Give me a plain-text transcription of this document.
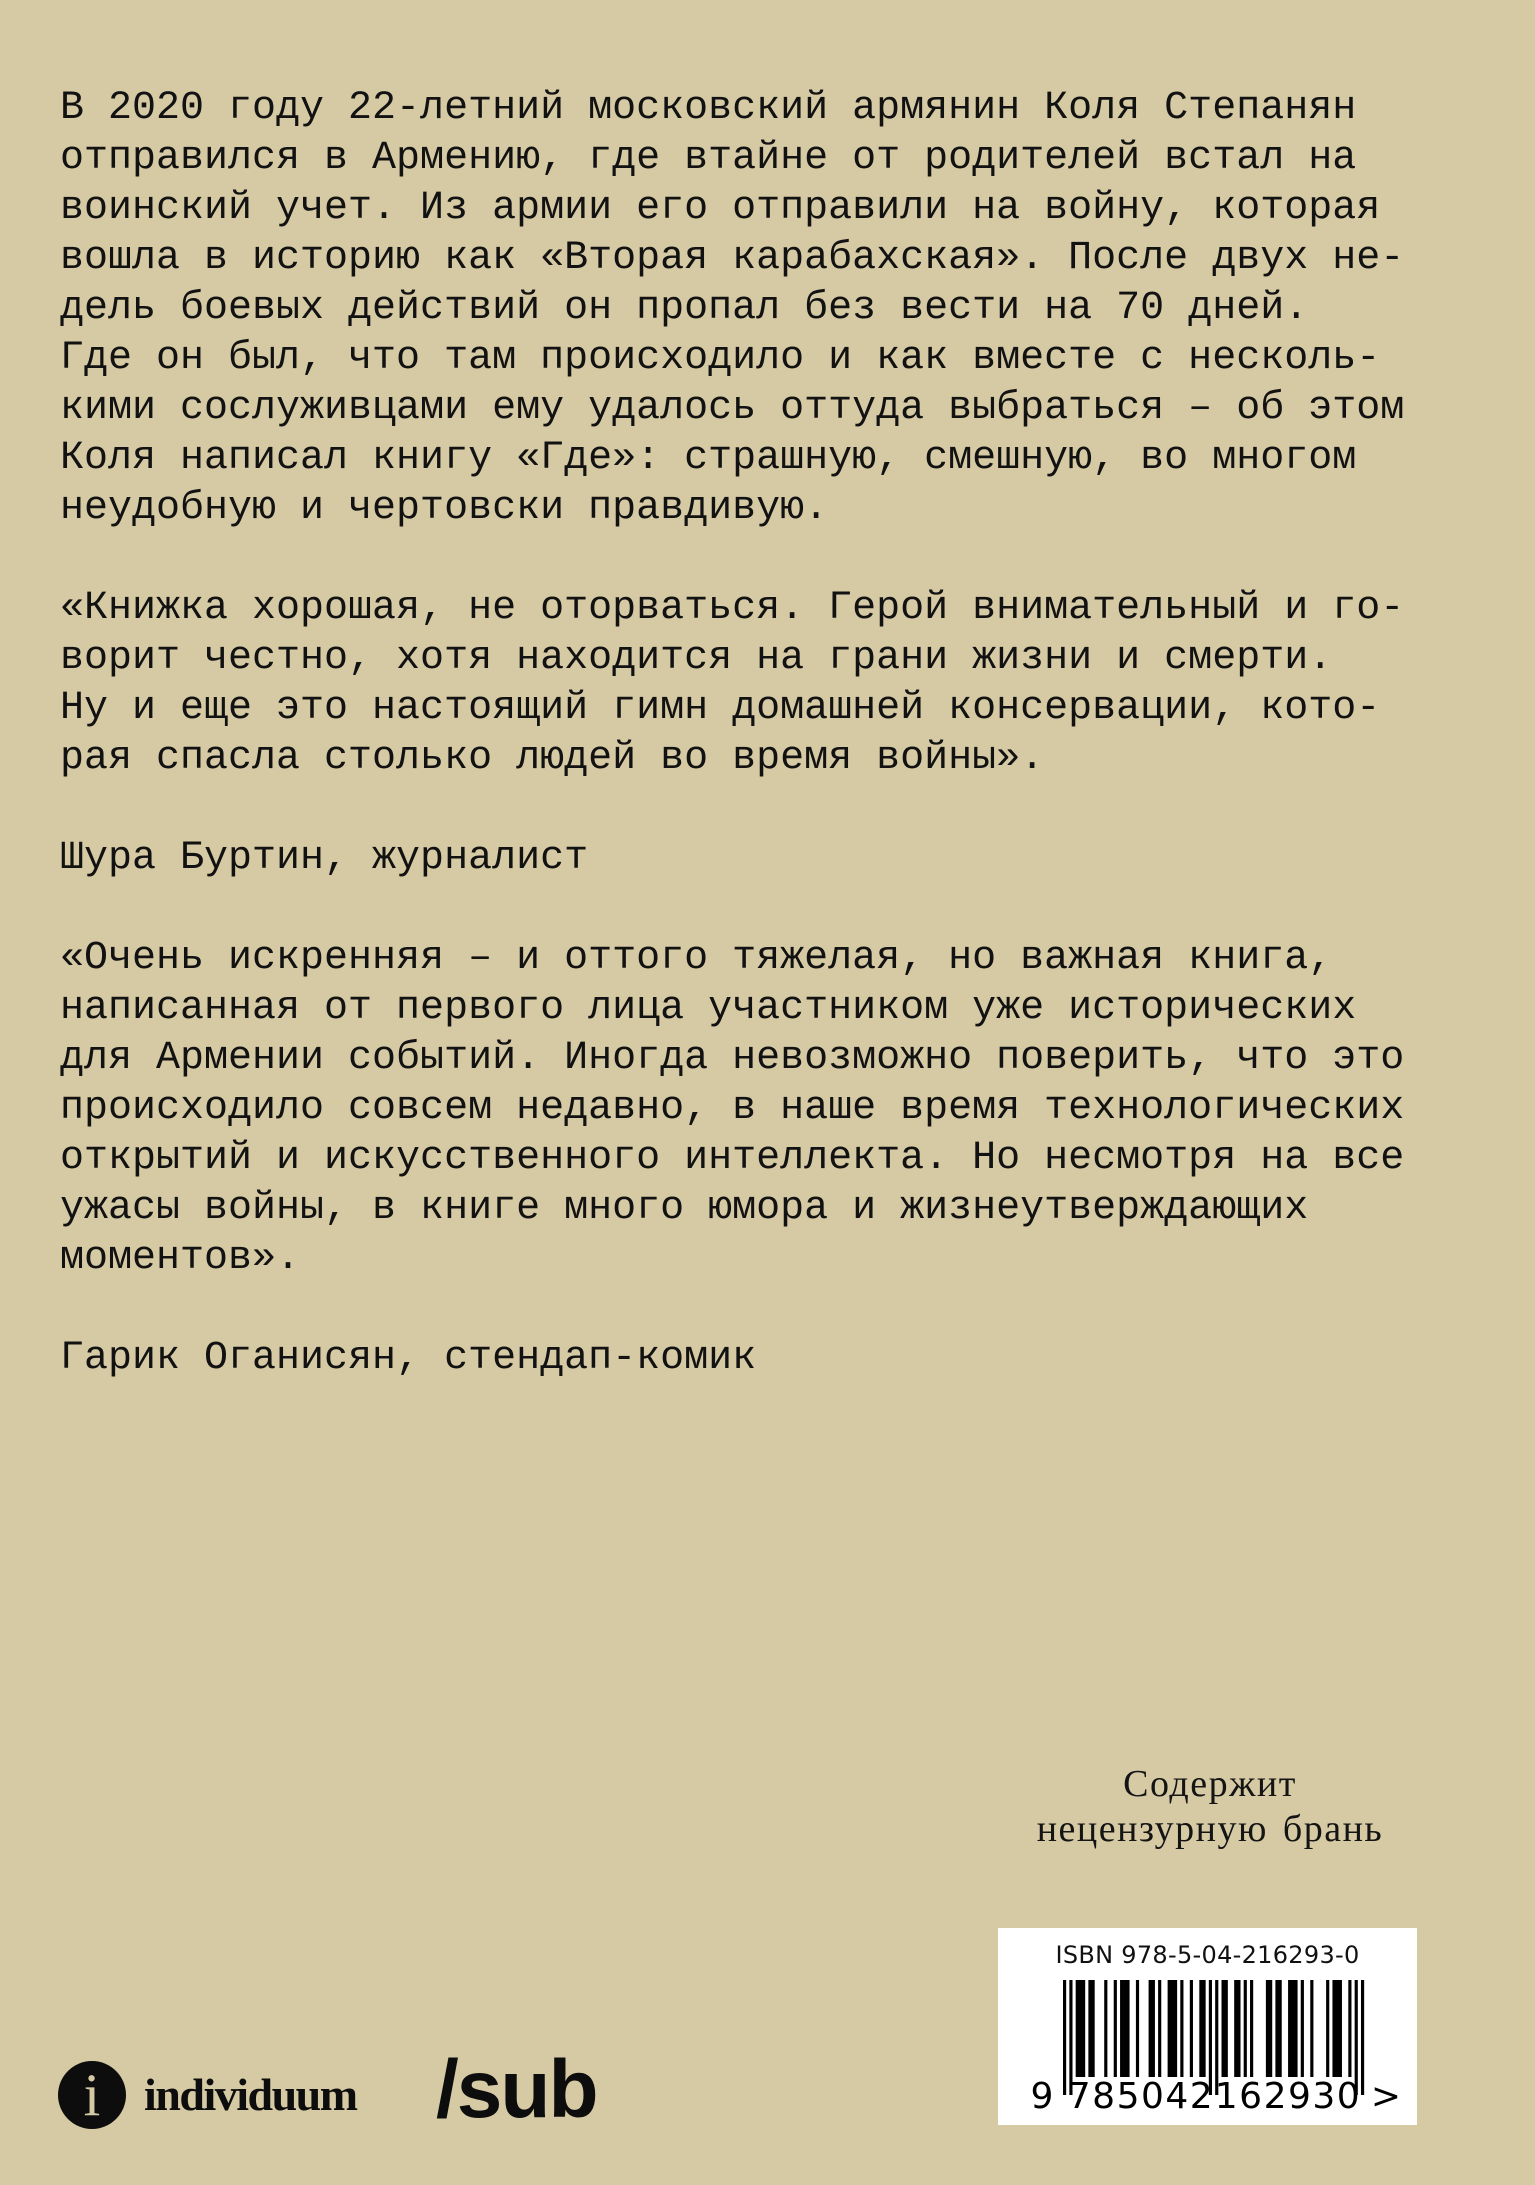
В 2020 году 22-летний московский армянин Коля Степанян
отправился в Армению, где втайне от родителей встал на
воинский учет. Из армии его отправили на войну, которая
вошла в историю как «Вторая карабахская». После двух не-
дель боевых действий он пропал без вести на 70 дней.
Где он был, что там происходило и как вместе с несколь-
кими сослуживцами ему удалось оттуда выбраться – об этом
Коля написал книгу «Где»: страшную, смешную, во многом
неудобную и чертовски правдивую.
«Книжка хорошая, не оторваться. Герой внимательный и го-
ворит честно, хотя находится на грани жизни и смерти.
Ну и еще это настоящий гимн домашней консервации, кото-
рая спасла столько людей во время войны».
Шура Буртин, журналист
«Очень искренняя – и оттого тяжелая, но важная книга,
написанная от первого лица участником уже исторических
для Армении событий. Иногда невозможно поверить, что это
происходило совсем недавно, в наше время технологических
открытий и искусственного интеллекта. Но несмотря на все
ужасы войны, в книге много юмора и жизнеутверждающих
моментов».
Гарик Оганисян, стендап-комик
Содержит
нецензурную брань
ISBN 978-5-04-216293-0
9 785042 162930 >
i individuum /sub
